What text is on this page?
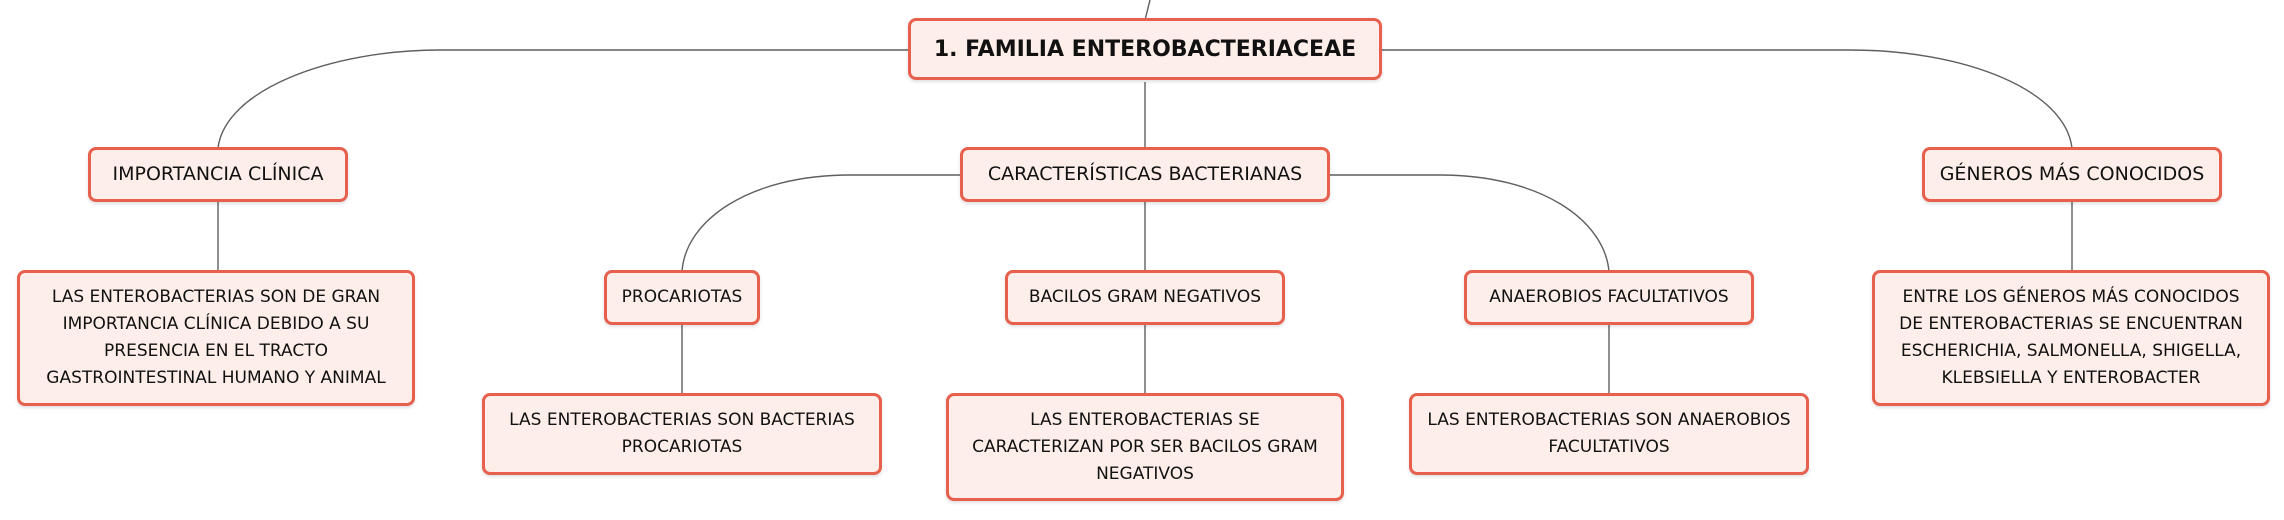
1. FAMILIA ENTEROBACTERIACEAE
IMPORTANCIA CLÍNICA	CARACTERÍSTICAS BACTERIANAS	GÉNEROS MÁS CONOCIDOS
LAS ENTEROBACTERIAS SON DE GRAN IMPORTANCIA CLÍNICA DEBIDO A SU PRESENCIA EN EL TRACTO GASTROINTESTINAL HUMANO Y ANIMAL
PROCARIOTAS	BACILOS GRAM NEGATIVOS	ANAEROBIOS FACULTATIVOS	ENTRE LOS GÉNEROS MÁS CONOCIDOS DE ENTEROBACTERIAS SE ENCUENTRAN ESCHERICHIA, SALMONELLA, SHIGELLA, KLEBSIELLA Y ENTEROBACTER
LAS ENTEROBACTERIAS SON BACTERIAS PROCARIOTAS
LAS ENTEROBACTERIAS SE CARACTERIZAN POR SER BACILOS GRAM NEGATIVOS
LAS ENTEROBACTERIAS SON ANAEROBIOS FACULTATIVOS
